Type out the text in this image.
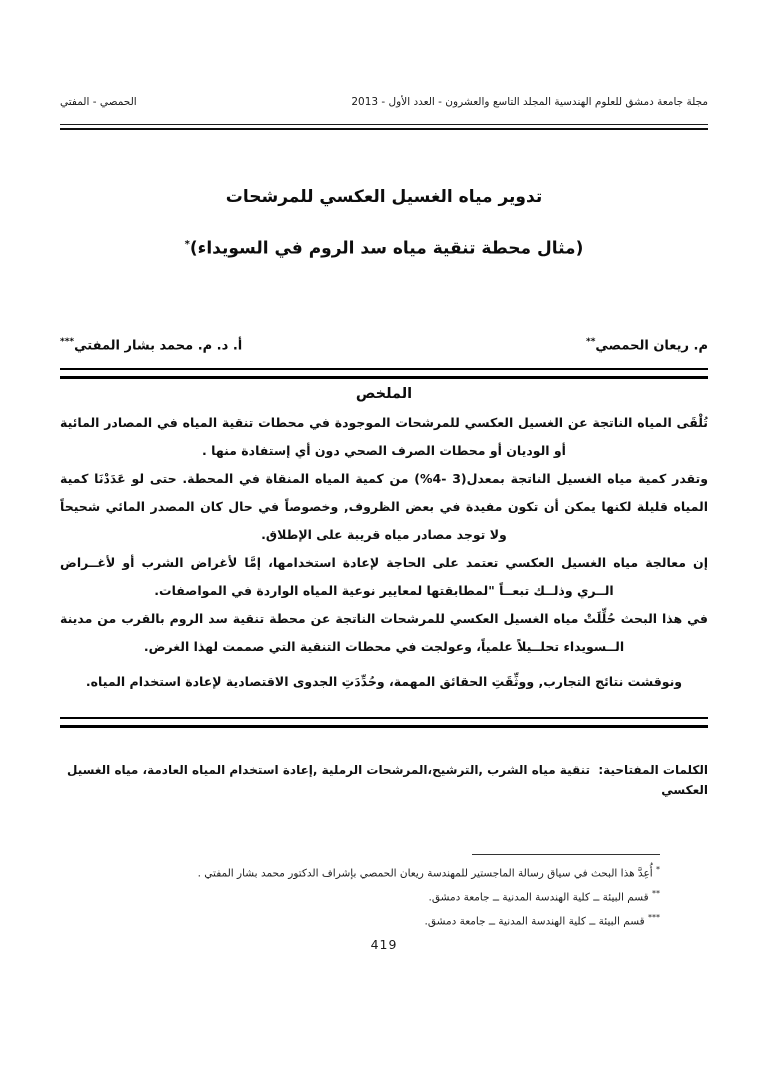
مجلة جامعة دمشق للعلوم الهندسية المجلد التاسع والعشرون - العدد الأول - 2013
الحمصي - المفتي
تدوير مياه الغسيل العكسي للمرشحات
(مثال محطة تنقية مياه سد الروم في السويداء)*
م. ريعان الحمصي**
أ. د. م. محمد بشار المفتي***
الملخص

تُلْقَى المياه الناتجة عن الغسيل العكسي للمرشحات الموجودة في محطات تنقية المياه في المصادر المائية أو الوديان أو محطات الصرف الصحي دون أي إستفادة منها .

وتقدر كمية مياه الغسيل الناتجة بمعدل(3 -4%) من كمية المياه المنقاة في المحطة. حتى لو عَدَدْنَا كمية المياه قليلة لكنها يمكن أن تكون مفيدة في بعض الظروف, وخصوصاً في حال كان المصدر المائي شحيحاً ولا توجد مصادر مياه قريبة على الإطلاق.

إن معالجة مياه الغسيل العكسي تعتمد على الحاجة لإعادة استخدامها، إمَّا لأغراض الشرب أو لأغــراض الــري وذلــك تبعــاً "لمطابقتها لمعايير نوعية المياه الواردة في المواصفات.

في هذا البحث حُلِّلَتْ مياه الغسيل العكسي للمرشحات الناتجة عن محطة تنقية سد الروم بالقرب من مدينة الــسويداء تحلــيلاً علمياً، وعولجت في محطات التنقية التي صممت لهذا الغرض.

ونوقشت نتائج التجارب, ووثِّقَتِ الحقائق المهمة، وحُدِّدَتِ الجدوى الاقتصادية لإعادة استخدام المياه.

الكلمات المفتاحية:  تنقية مياه الشرب ,الترشيح،المرشحات الرملية ,إعادة استخدام المياه العادمة، مياه الغسيل العكسي

* أُعِدَّ هذا البحث في سياق رسالة الماجستير للمهندسة ريعان الحمصي بإشراف الدكتور محمد بشار المفتي .
** قسم البيئة ــ كلية الهندسة المدنية ــ جامعة دمشق.
*** قسم البيئة ــ كلية الهندسة المدنية ــ جامعة دمشق.
419
